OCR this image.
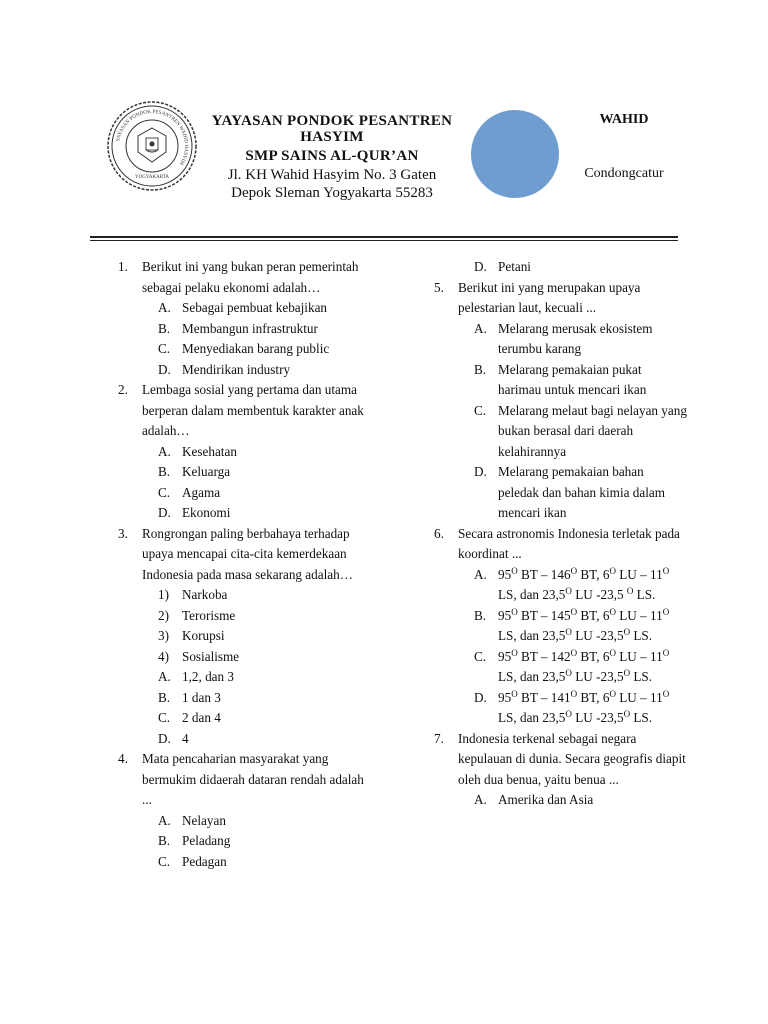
YAYASAN PONDOK PESANTREN WAHID HASYIM
YOGYAKARTA
YAYASAN PONDOK PESANTREN
HASYIM
SMP SAINS AL-QUR’AN
Jl. KH Wahid Hasyim No. 3 Gaten
Depok Sleman Yogyakarta 55283
WAHID
Condongcatur
1.	Berikut ini yang bukan peran pemerintah sebagai pelaku ekonomi adalah…
A. Sebagai pembuat kebajikan
B. Membangun infrastruktur
C. Menyediakan barang public
D. Mendirikan industry
2.	Lembaga sosial yang pertama dan utama berperan dalam membentuk karakter anak adalah…
A. Kesehatan
B. Keluarga
C. Agama
D. Ekonomi
3.	Rongrongan paling berbahaya terhadap upaya mencapai cita-cita kemerdekaan Indonesia pada masa sekarang adalah…
1) Narkoba
2) Terorisme
3) Korupsi
4) Sosialisme
A. 1,2, dan 3
B. 1 dan 3
C. 2 dan 4
D. 4
4.	Mata pencaharian masyarakat yang bermukim didaerah dataran rendah adalah ...
A. Nelayan
B. Peladang
C. Pedagan
D. Petani
5.	Berikut ini yang merupakan upaya pelestarian laut, kecuali ...
A. Melarang merusak ekosistem terumbu karang
B. Melarang pemakaian pukat harimau untuk mencari ikan
C. Melarang melaut bagi nelayan yang bukan berasal dari daerah kelahirannya
D. Melarang pemakaian bahan peledak dan bahan kimia dalam mencari ikan
6.	Secara astronomis Indonesia terletak pada koordinat ...
A. $95^O$ BT – $146^O$ BT, $6^O$ LU – $11^O$ LS, dan $23,5^O$ LU -23,5 $^O$ LS.
B. $95^O$ BT – $145^O$ BT, $6^O$ LU – $11^O$ LS, dan $23,5^O$ LU $-23,5^O$ LS.
C. $95^O$ BT – $142^O$ BT, $6^O$ LU – $11^O$ LS, dan $23,5^O$ LU $-23,5^O$ LS.
D. $95^O$ BT – $141^O$ BT, $6^O$ LU – $11^O$ LS, dan $23,5^O$ LU $-23,5^O$ LS.
7.	Indonesia terkenal sebagai negara kepulauan di dunia. Secara geografis diapit oleh dua benua, yaitu benua ...
A. Amerika dan Asia
